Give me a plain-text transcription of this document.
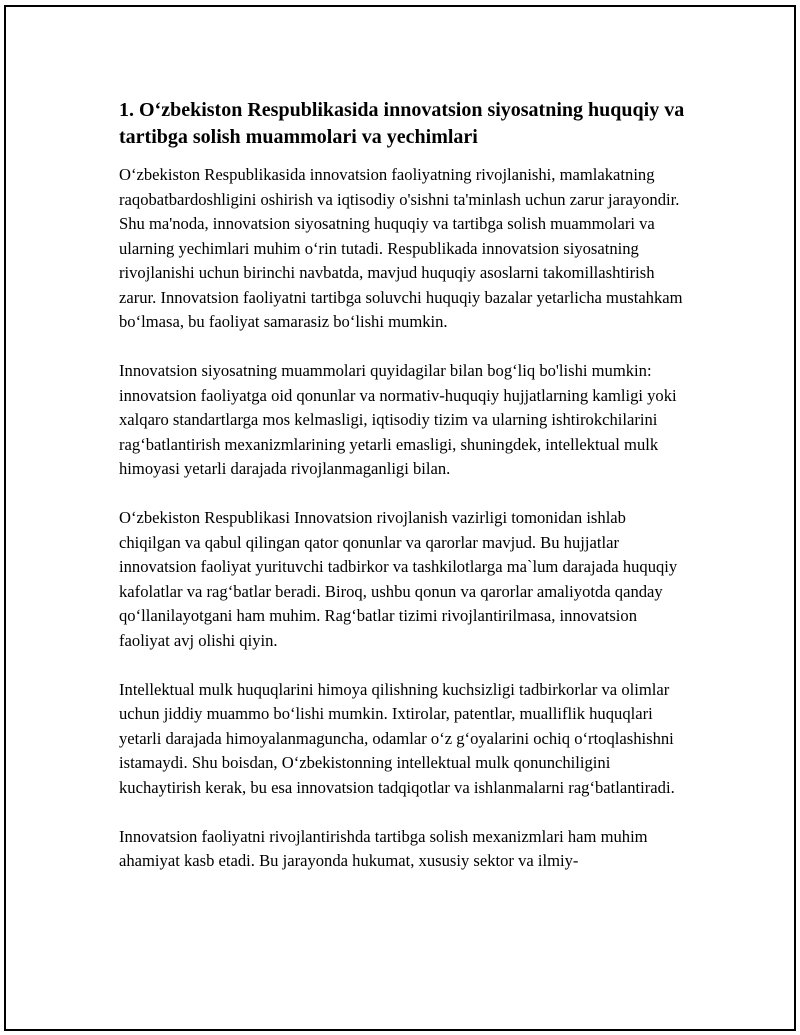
1. O‘zbekiston Respublikasida innovatsion siyosatning huquqiy va tartibga solish muammolari va yechimlari

O‘zbekiston Respublikasida innovatsion faoliyatning rivojlanishi, mamlakatning raqobatbardoshligini oshirish va iqtisodiy o'sishni ta'minlash uchun zarur jarayondir. Shu ma'noda, innovatsion siyosatning huquqiy va tartibga solish muammolari va ularning yechimlari muhim o‘rin tutadi. Respublikada innovatsion siyosatning rivojlanishi uchun birinchi navbatda, mavjud huquqiy asoslarni takomillashtirish zarur. Innovatsion faoliyatni tartibga soluvchi huquqiy bazalar yetarlicha mustahkam bo‘lmasa, bu faoliyat samarasiz bo‘lishi mumkin.

Innovatsion siyosatning muammolari quyidagilar bilan bog‘liq bo'lishi mumkin: innovatsion faoliyatga oid qonunlar va normativ-huquqiy hujjatlarning kamligi yoki xalqaro standartlarga mos kelmasligi, iqtisodiy tizim va ularning ishtirokchilarini rag‘batlantirish mexanizmlarining yetarli emasligi, shuningdek, intellektual mulk himoyasi yetarli darajada rivojlanmaganligi bilan.

O‘zbekiston Respublikasi Innovatsion rivojlanish vazirligi tomonidan ishlab chiqilgan va qabul qilingan qator qonunlar va qarorlar mavjud. Bu hujjatlar innovatsion faoliyat yurituvchi tadbirkor va tashkilotlarga ma`lum darajada huquqiy kafolatlar va rag‘batlar beradi. Biroq, ushbu qonun va qarorlar amaliyotda qanday qo‘llanilayotgani ham muhim. Rag‘batlar tizimi rivojlantirilmasa, innovatsion faoliyat avj olishi qiyin.

Intellektual mulk huquqlarini himoya qilishning kuchsizligi tadbirkorlar va olimlar uchun jiddiy muammo bo‘lishi mumkin. Ixtirolar, patentlar, mualliflik huquqlari yetarli darajada himoyalanmaguncha, odamlar o‘z g‘oyalarini ochiq o‘rtoqlashishni istamaydi. Shu boisdan, O‘zbekistonning intellektual mulk qonunchiligini kuchaytirish kerak, bu esa innovatsion tadqiqotlar va ishlanmalarni rag‘batlantiradi.

Innovatsion faoliyatni rivojlantirishda tartibga solish mexanizmlari ham muhim ahamiyat kasb etadi. Bu jarayonda hukumat, xususiy sektor va ilmiy-
